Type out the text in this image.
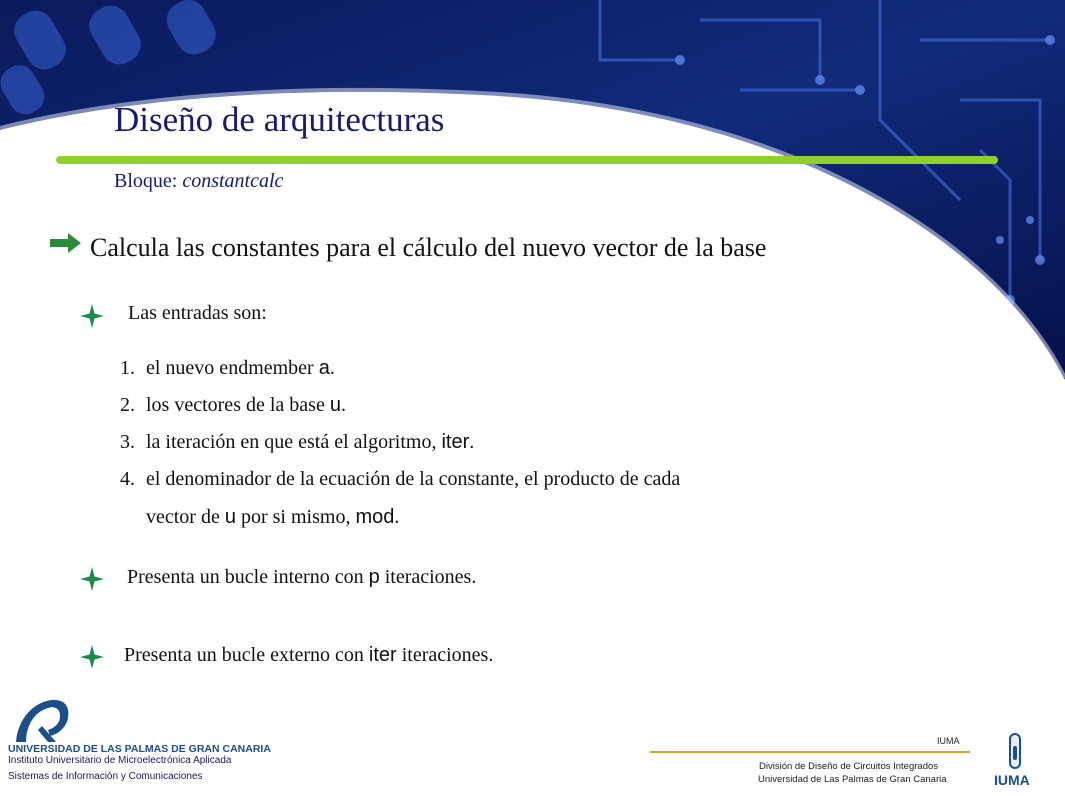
Diseño de arquitecturas
Bloque: constantcalc
Calcula las constantes para el cálculo del nuevo vector de la base
Las entradas son:
1. el nuevo endmember a.
2. los vectores de la base u.
3. la iteración en que está el algoritmo, iter.
4. el denominador de la ecuación de la constante, el producto de cada
vector de u por si mismo, mod.
Presenta un bucle interno con p iteraciones.
Presenta un bucle externo con iter iteraciones.
UNIVERSIDAD DE LAS PALMAS DE GRAN CANARIA
Instituto Universitario de Microelectrónica Aplicada
Sistemas de Información y Comunicaciones
IUMA
División de Diseño de Circuitos Integrados
Universidad de Las Palmas de Gran Canaria	IUMA
